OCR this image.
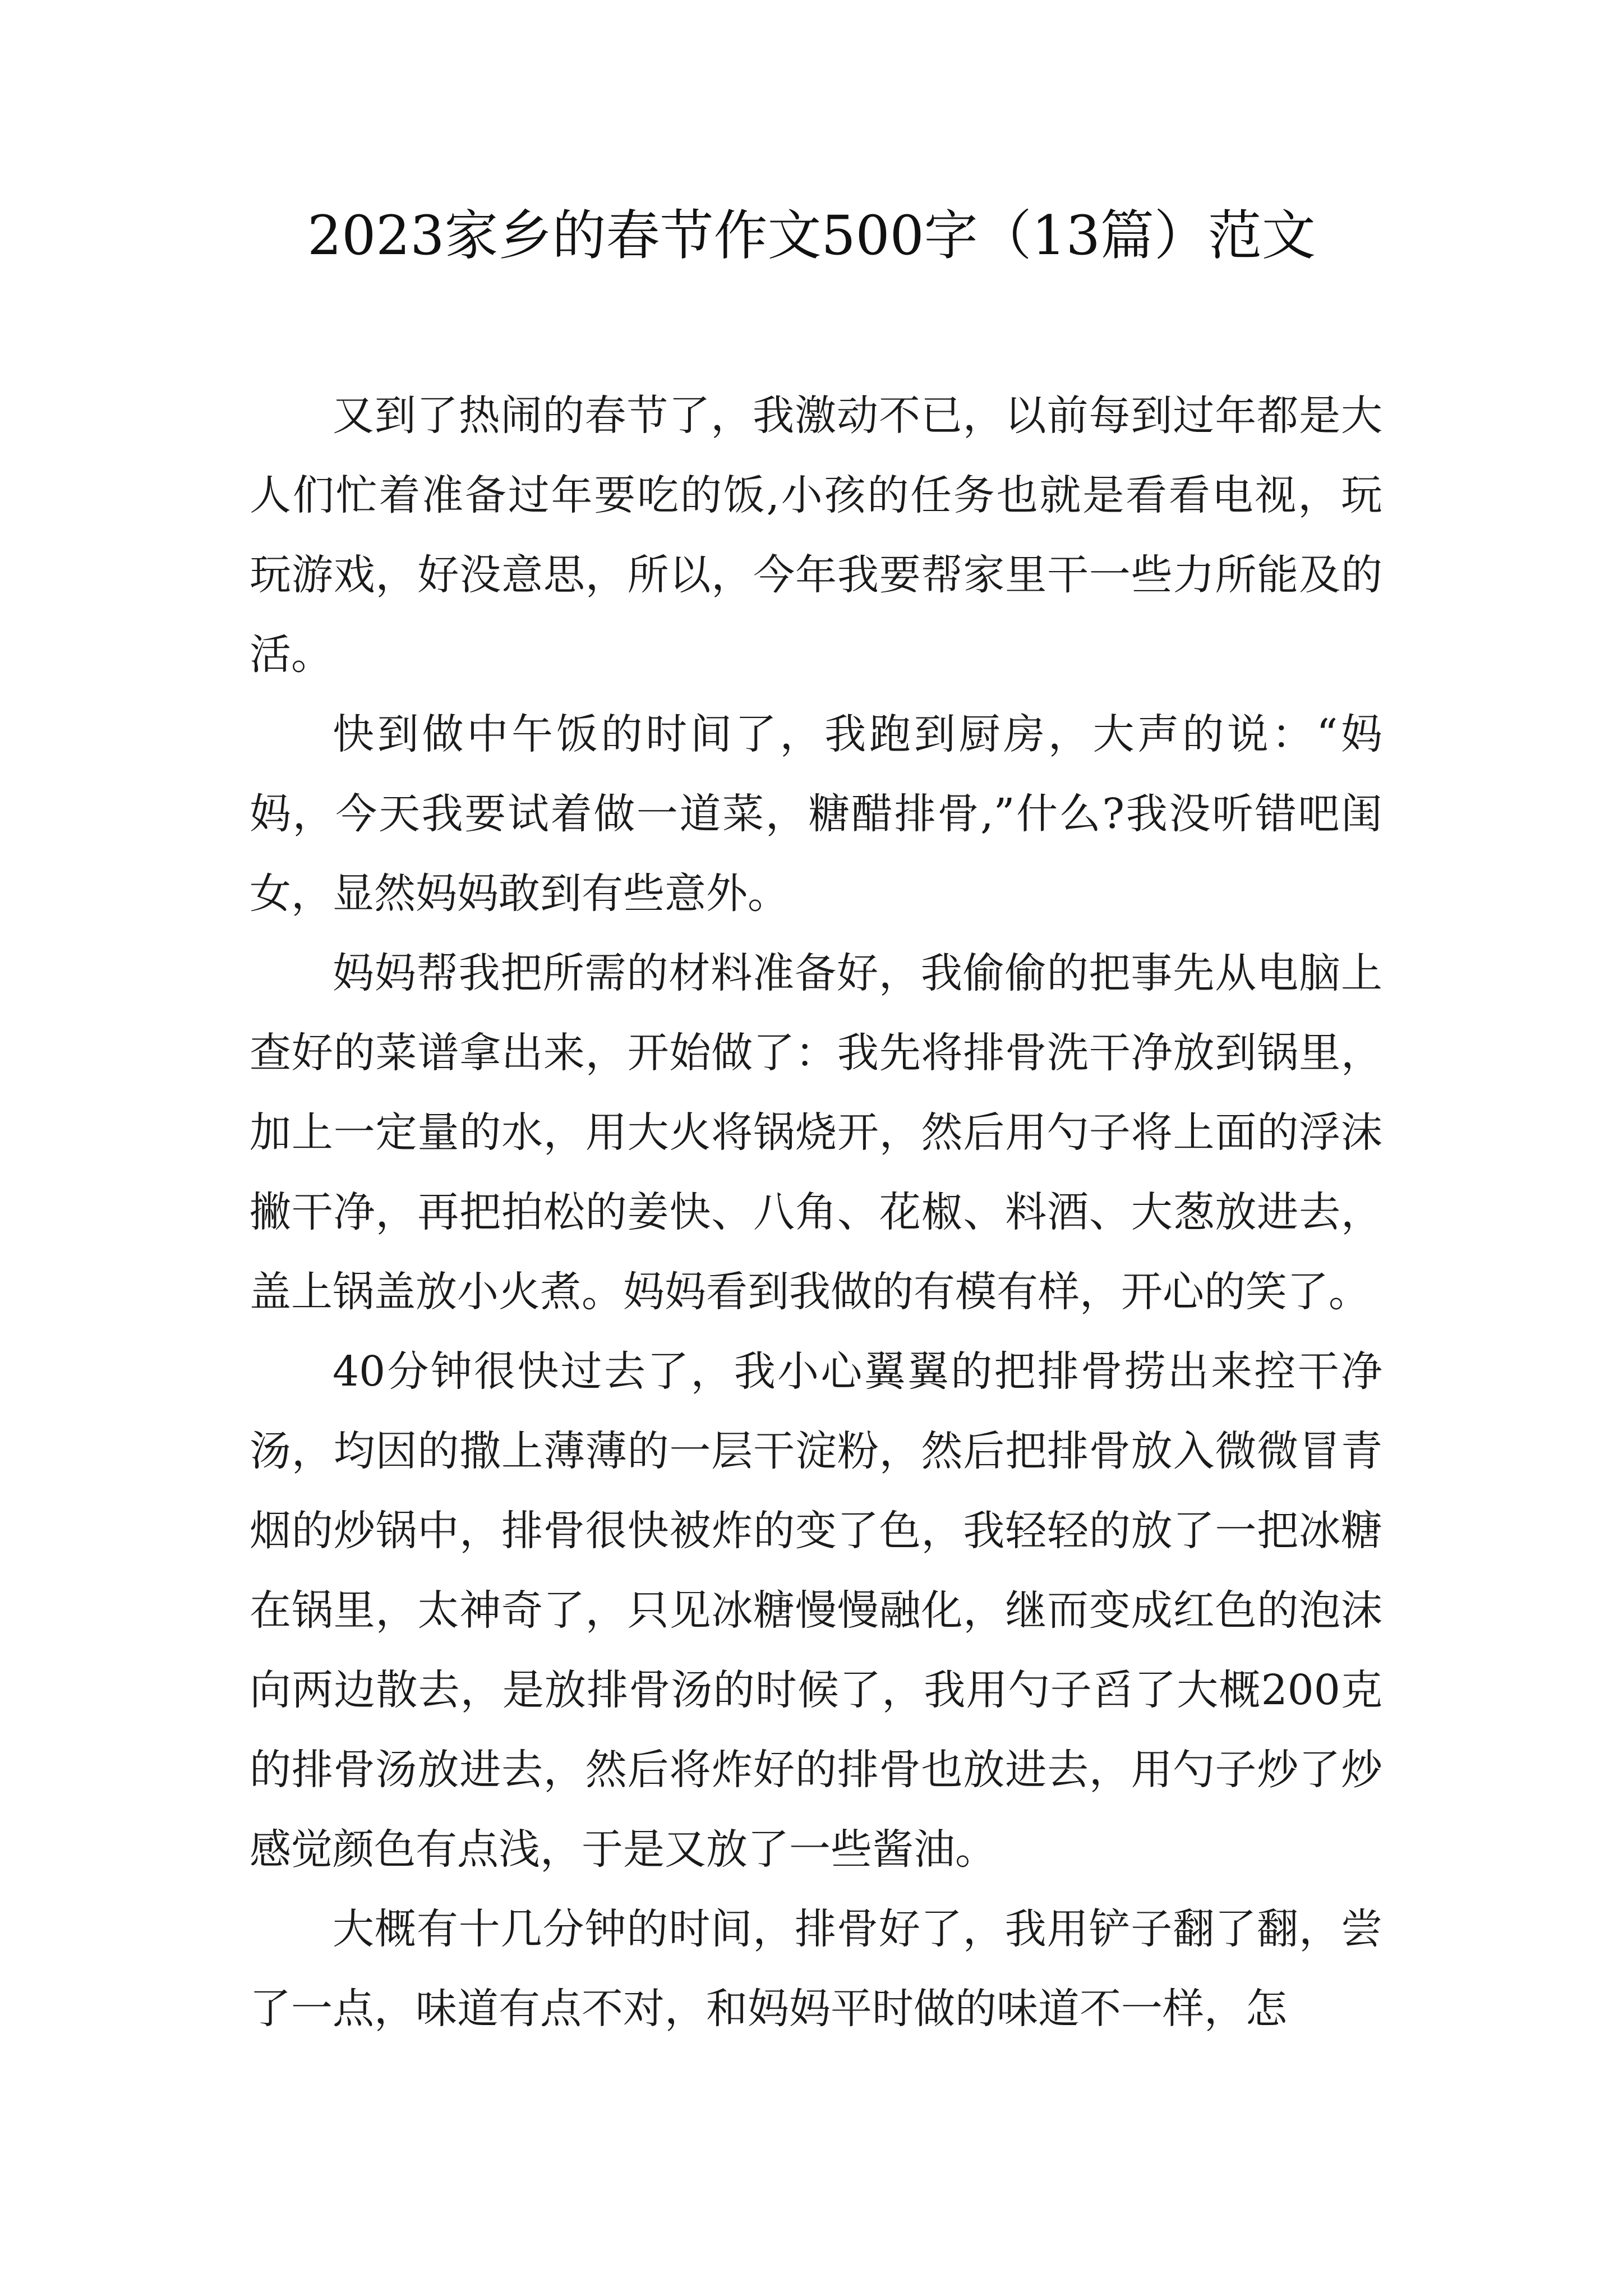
2023家乡的春节作文500字（13篇）范文

又到了热闹的春节了，我激动不已，以前每到过年都是大人们忙着准备过年要吃的饭,小孩的任务也就是看看电视，玩玩游戏，好没意思，所以，今年我要帮家里干一些力所能及的活。

快到做中午饭的时间了，我跑到厨房，大声的说：“妈妈，今天我要试着做一道菜，糖醋排骨,”什么?我没听错吧闺女，显然妈妈敢到有些意外。

妈妈帮我把所需的材料准备好，我偷偷的把事先从电脑上查好的菜谱拿出来，开始做了：我先将排骨洗干净放到锅里，加上一定量的水，用大火将锅烧开，然后用勺子将上面的浮沫撇干净，再把拍松的姜快、八角、花椒、料酒、大葱放进去，盖上锅盖放小火煮。妈妈看到我做的有模有样，开心的笑了。

40分钟很快过去了，我小心翼翼的把排骨捞出来控干净汤，均因的撒上薄薄的一层干淀粉，然后把排骨放入微微冒青烟的炒锅中，排骨很快被炸的变了色，我轻轻的放了一把冰糖在锅里，太神奇了，只见冰糖慢慢融化，继而变成红色的泡沫向两边散去，是放排骨汤的时候了，我用勺子舀了大概200克的排骨汤放进去，然后将炸好的排骨也放进去，用勺子炒了炒感觉颜色有点浅，于是又放了一些酱油。

大概有十几分钟的时间，排骨好了，我用铲子翻了翻，尝了一点，味道有点不对，和妈妈平时做的味道不一样，怎
